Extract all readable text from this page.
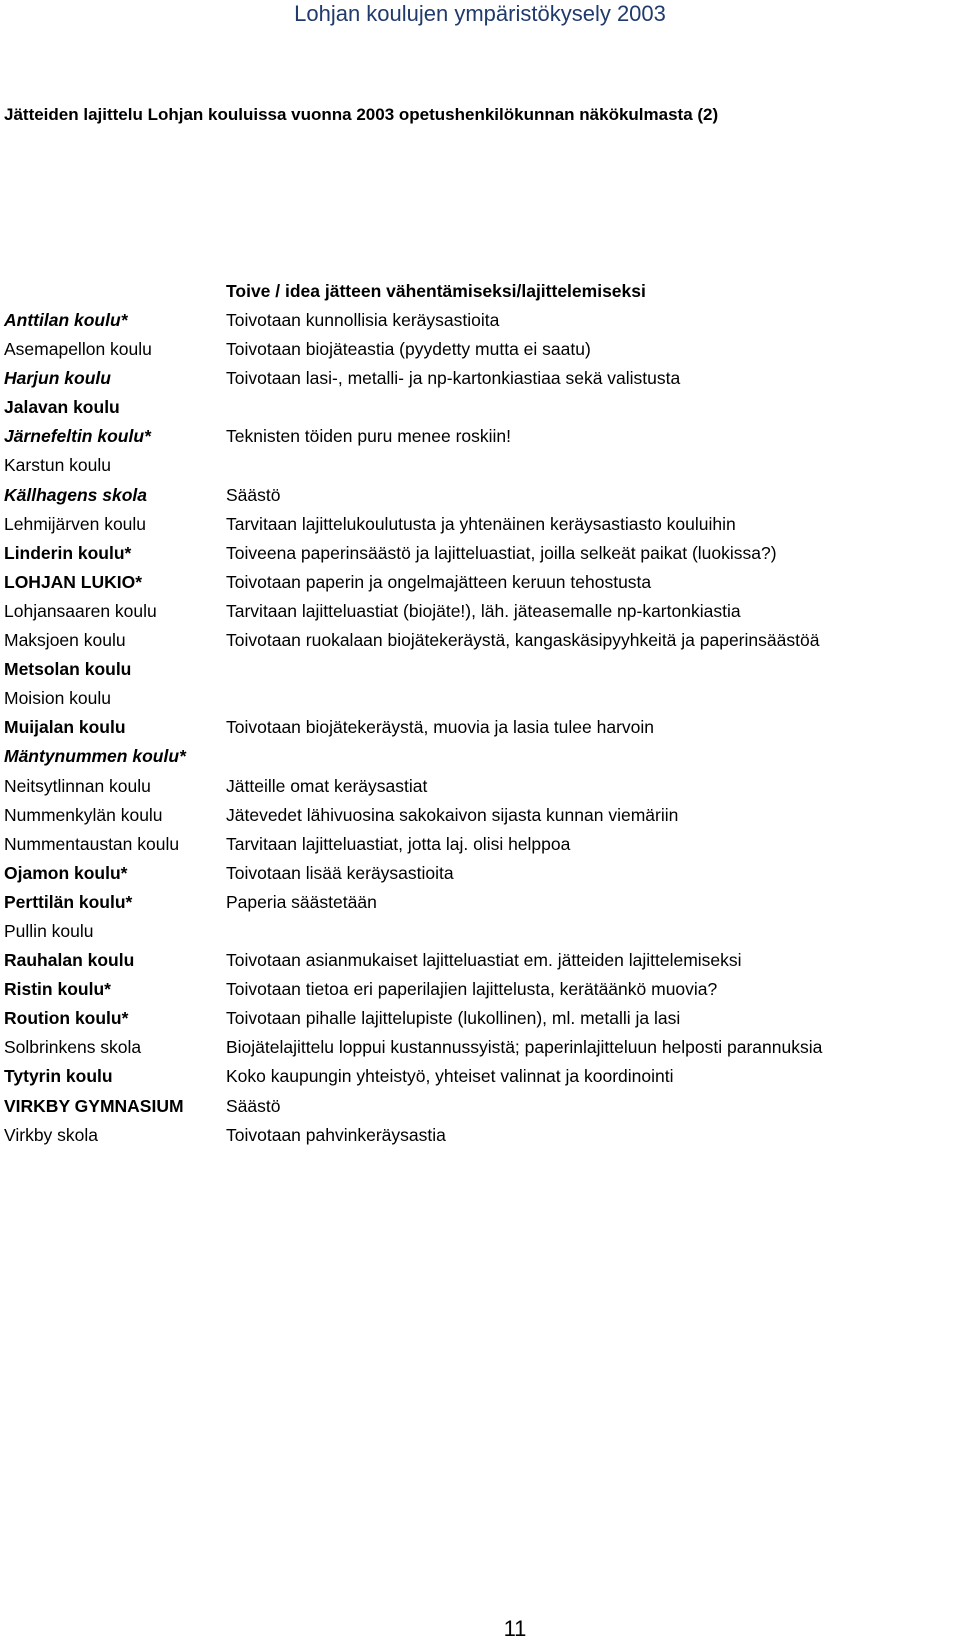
Lohjan koulujen ympäristökysely 2003
Jätteiden lajittelu Lohjan kouluissa vuonna 2003 opetushenkilökunnan näkökulmasta (2)
Toive / idea jätteen vähentämiseksi/lajittelemiseksi
Anttilan koulu*	Toivotaan kunnollisia keräysastioita
Asemapellon koulu	Toivotaan biojäteastia (pyydetty mutta ei saatu)
Harjun koulu	Toivotaan lasi-, metalli- ja np-kartonkiastiaa sekä valistusta
Jalavan koulu
Järnefeltin koulu*	Teknisten töiden puru menee roskiin!
Karstun koulu
Källhagens skola	Säästö
Lehmijärven koulu	Tarvitaan lajittelukoulutusta ja yhtenäinen keräysastiasto kouluihin
Linderin koulu*	Toiveena paperinsäästö ja lajitteluastiat, joilla selkeät paikat (luokissa?)
LOHJAN LUKIO*	Toivotaan paperin ja ongelmajätteen keruun tehostusta
Lohjansaaren koulu	Tarvitaan lajitteluastiat (biojäte!), läh. jäteasemalle np-kartonkiastia
Maksjoen koulu	Toivotaan ruokalaan biojätekeräystä, kangaskäsipyyhkeitä ja paperinsäästöä
Metsolan koulu
Moision koulu
Muijalan koulu	Toivotaan biojätekeräystä, muovia ja lasia tulee harvoin
Mäntynummen koulu*
Neitsytlinnan koulu	Jätteille omat keräysastiat
Nummenkylän koulu	Jätevedet lähivuosina sakokaivon sijasta kunnan viemäriin
Nummentaustan koulu	Tarvitaan lajitteluastiat, jotta laj. olisi helppoa
Ojamon koulu*	Toivotaan lisää keräysastioita
Perttilän koulu*	Paperia säästetään
Pullin koulu
Rauhalan koulu	Toivotaan asianmukaiset lajitteluastiat em. jätteiden lajittelemiseksi
Ristin koulu*	Toivotaan tietoa eri paperilajien lajittelusta, kerätäänkö muovia?
Roution koulu*	Toivotaan pihalle lajittelupiste (lukollinen), ml. metalli ja lasi
Solbrinkens skola	Biojätelajittelu loppui kustannussyistä; paperinlajitteluun helposti parannuksia
Tytyrin koulu	Koko kaupungin yhteistyö, yhteiset valinnat ja koordinointi
VIRKBY GYMNASIUM Säästö
Virkby skola	Toivotaan pahvinkeräysastia
11
